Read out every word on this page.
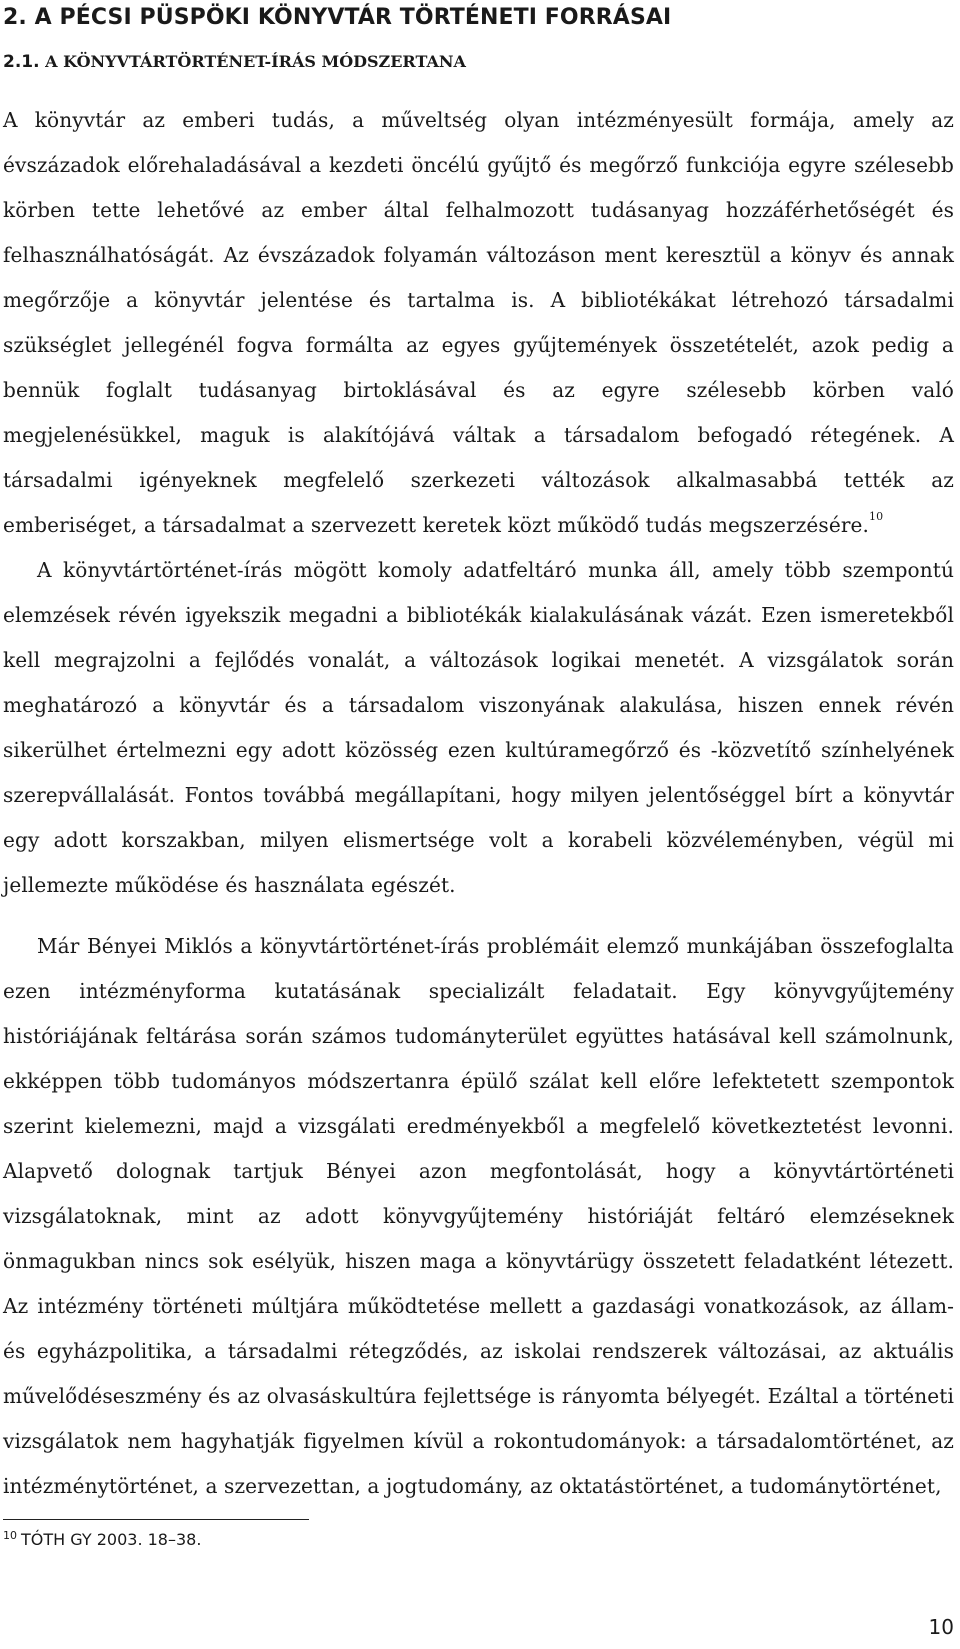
2. A PÉCSI PÜSPÖKI KÖNYVTÁR TÖRTÉNETI FORRÁSAI
2.1. A KÖNYVTÁRTÖRTÉNET-ÍRÁS MÓDSZERTANA

A könyvtár az emberi tudás, a műveltség olyan intézményesült formája, amely az évszázadok előrehaladásával a kezdeti öncélú gyűjtő és megőrző funkciója egyre szélesebb körben tette lehetővé az ember által felhalmozott tudásanyag hozzáférhetőségét és felhasználhatóságát. Az évszázadok folyamán változáson ment keresztül a könyv és annak megőrzője a könyvtár jelentése és tartalma is. A bibliotékákat létrehozó társadalmi szükséglet jellegénél fogva formálta az egyes gyűjtemények összetételét, azok pedig a bennük foglalt tudásanyag birtoklásával és az egyre szélesebb körben való megjelenésükkel, maguk is alakítójává váltak a társadalom befogadó rétegének. A társadalmi igényeknek megfelelő szerkezeti változások alkalmasabbá tették az emberiséget, a társadalmat a szervezett keretek közt működő tudás megszerzésére.$^{10}$

A könyvtártörténet-írás mögött komoly adatfeltáró munka áll, amely több szempontú elemzések révén igyekszik megadni a bibliotékák kialakulásának vázát. Ezen ismeretekből kell megrajzolni a fejlődés vonalát, a változások logikai menetét. A vizsgálatok során meghatározó a könyvtár és a társadalom viszonyának alakulása, hiszen ennek révén sikerülhet értelmezni egy adott közösség ezen kultúramegőrző és -közvetítő színhelyének szerepvállalását. Fontos továbbá megállapítani, hogy milyen jelentőséggel bírt a könyvtár egy adott korszakban, milyen elismertsége volt a korabeli közvéleményben, végül mi jellemezte működése és használata egészét.

Már Bényei Miklós a könyvtártörténet-írás problémáit elemző munkájában összefoglalta ezen intézményforma kutatásának specializált feladatait. Egy könyvgyűjtemény históriájának feltárása során számos tudományterület együttes hatásával kell számolnunk, ekképpen több tudományos módszertanra épülő szálat kell előre lefektetett szempontok szerint kielemezni, majd a vizsgálati eredményekből a megfelelő következtetést levonni. Alapvető dolognak tartjuk Bényei azon megfontolását, hogy a könyvtártörténeti vizsgálatoknak, mint az adott könyvgyűjtemény históriáját feltáró elemzéseknek önmagukban nincs sok esélyük, hiszen maga a könyvtárügy összetett feladatként létezett. Az intézmény történeti múltjára működtetése mellett a gazdasági vonatkozások, az állam- és egyházpolitika, a társadalmi rétegződés, az iskolai rendszerek változásai, az aktuális művelődéseszmény és az olvasáskultúra fejlettsége is rányomta bélyegét. Ezáltal a történeti vizsgálatok nem hagyhatják figyelmen kívül a rokontudományok: a társadalomtörténet, az intézménytörténet, a szervezettan, a jogtudomány, az oktatástörténet, a tudománytörténet,

$^{10}$ TÓTH GY 2003. 18–38.
10
